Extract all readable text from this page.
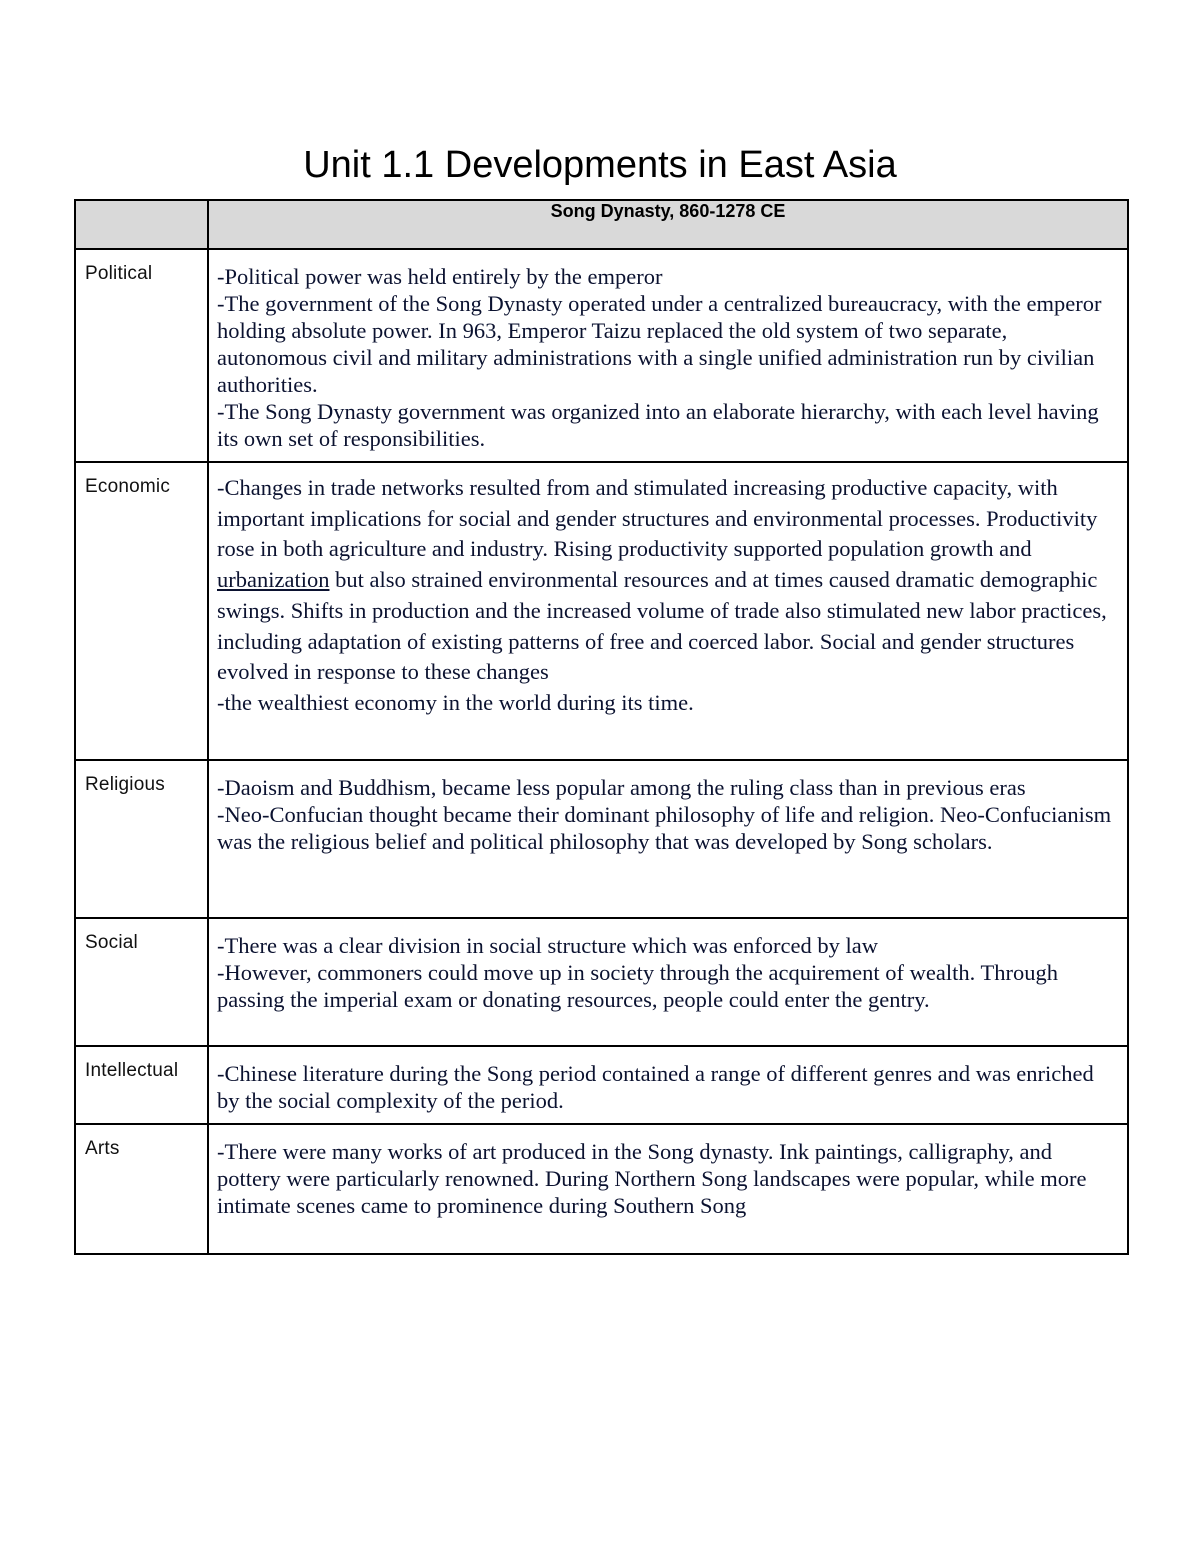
Unit 1.1 Developments in East Asia
	Song Dynasty, 860-1278 CE
Political	-Political power was held entirely by the emperor

-The government of the Song Dynasty operated under a centralized bureaucracy, with the emperor holding absolute power. In 963, Emperor Taizu replaced the old system of two separate, autonomous civil and military administrations with a single unified administration run by civilian authorities.

-The Song Dynasty government was organized into an elaborate hierarchy, with each level having its own set of responsibilities.

Economic	-Changes in trade networks resulted from and stimulated increasing productive capacity, with important implications for social and gender structures and environmental processes. Productivity rose in both agriculture and industry. Rising productivity supported population growth and urbanization but also strained environmental resources and at times caused dramatic demographic swings. Shifts in production and the increased volume of trade also stimulated new labor practices, including adaptation of existing patterns of free and coerced labor. Social and gender structures evolved in response to these changes

-the wealthiest economy in the world during its time.

Religious	-Daoism and Buddhism, became less popular among the ruling class than in previous eras

-Neo-Confucian thought became their dominant philosophy of life and religion. Neo-Confucianism was the religious belief and political philosophy that was developed by Song scholars.

Social	-There was a clear division in social structure which was enforced by law

-However, commoners could move up in society through the acquirement of wealth. Through passing the imperial exam or donating resources, people could enter the gentry.

Intellectual	-Chinese literature during the Song period contained a range of different genres and was enriched by the social complexity of the period.

Arts	-There were many works of art produced in the Song dynasty. Ink paintings, calligraphy, and pottery were particularly renowned. During Northern Song landscapes were popular, while more intimate scenes came to prominence during Southern Song
